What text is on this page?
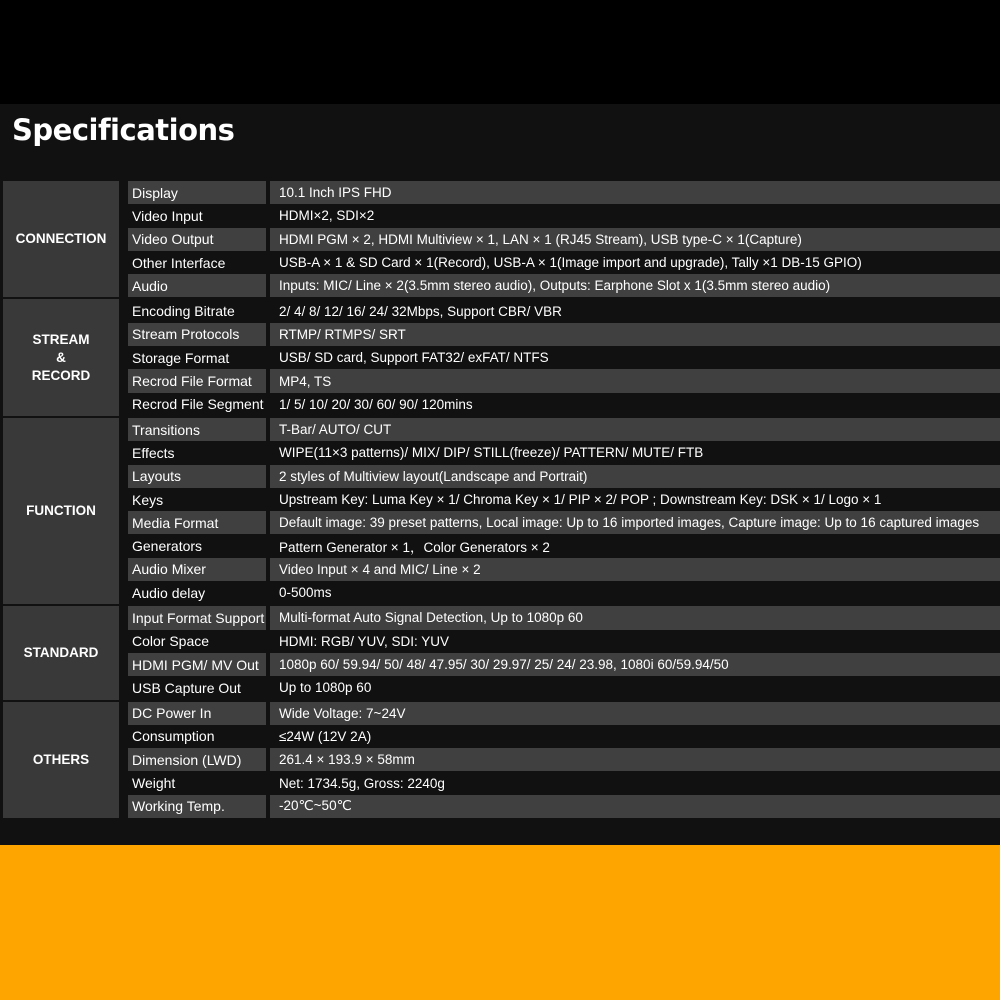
Specifications
CONNECTION
Display	10.1 Inch IPS FHD
Video Input	HDMI×2, SDI×2
Video Output	HDMI PGM × 2, HDMI Multiview × 1, LAN × 1 (RJ45 Stream), USB type-C × 1(Capture)
Other Interface	USB-A × 1 & SD Card × 1(Record), USB-A × 1(Image import and upgrade), Tally ×1 DB-15 GPIO)
Audio	Inputs: MIC/ Line × 2(3.5mm stereo audio), Outputs: Earphone Slot x 1(3.5mm stereo audio)
STREAM
&
RECORD
Encoding Bitrate	2/ 4/ 8/ 12/ 16/ 24/ 32Mbps, Support CBR/ VBR
Stream Protocols	RTMP/ RTMPS/ SRT
Storage Format	USB/ SD card, Support FAT32/ exFAT/ NTFS
Recrod File Format	MP4, TS
Recrod File Segment	1/ 5/ 10/ 20/ 30/ 60/ 90/ 120mins
FUNCTION
Transitions	T-Bar/ AUTO/ CUT
Effects	WIPE(11×3 patterns)/ MIX/ DIP/ STILL(freeze)/ PATTERN/ MUTE/ FTB
Layouts	2 styles of Multiview layout(Landscape and Portrait)
Keys	Upstream Key: Luma Key × 1/ Chroma Key × 1/ PIP × 2/ POP ; Downstream Key: DSK × 1/ Logo × 1
Media Format	Default image: 39 preset patterns, Local image: Up to 16 imported images, Capture image: Up to 16 captured images
Generators	Pattern Generator × 1，Color Generators × 2
Audio Mixer	Video Input × 4 and MIC/ Line × 2
Audio delay	0-500ms
STANDARD
Input Format Support	Multi-format Auto Signal Detection, Up to 1080p 60
Color Space	HDMI: RGB/ YUV, SDI: YUV
HDMI PGM/ MV Out	1080p 60/ 59.94/ 50/ 48/ 47.95/ 30/ 29.97/ 25/ 24/ 23.98, 1080i 60/59.94/50
USB Capture Out	Up to 1080p 60
OTHERS
DC Power In	Wide Voltage: 7~24V
Consumption	≤24W (12V 2A)
Dimension (LWD)	261.4 × 193.9 × 58mm
Weight	Net: 1734.5g, Gross: 2240g
Working Temp.	-20℃~50℃
